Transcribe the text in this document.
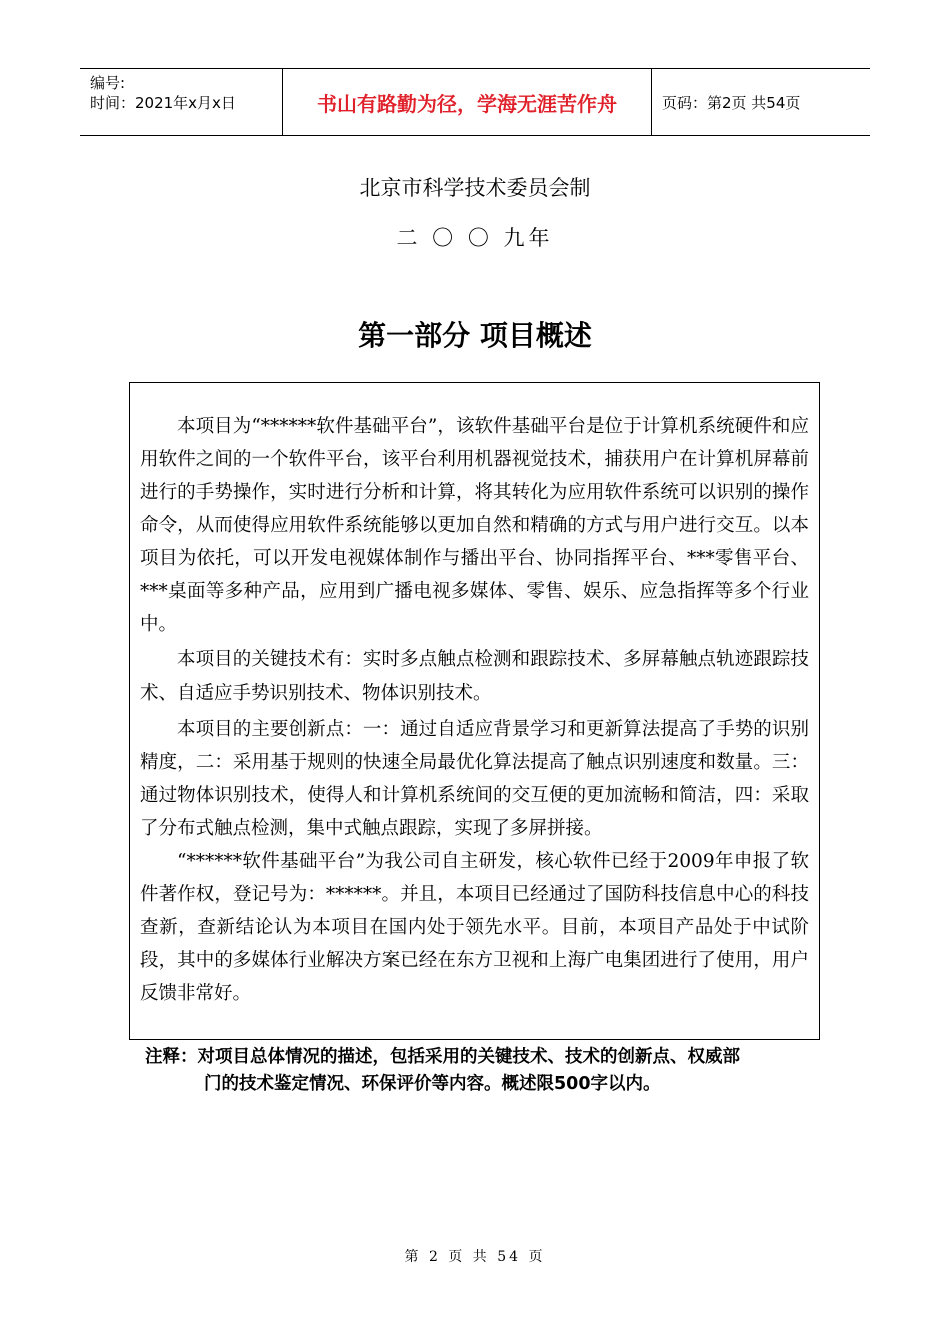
编号:
时间：2021年x月x日	书山有路勤为径，学海无涯苦作舟	页码：第2页 共54页
北京市科学技术委员会制
二 〇 〇 九年
第一部分 项目概述

本项目为“******软件基础平台”，该软件基础平台是位于计算机系统硬件和应用软件之间的一个软件平台，该平台利用机器视觉技术，捕获用户在计算机屏幕前进行的手势操作，实时进行分析和计算，将其转化为应用软件系统可以识别的操作命令，从而使得应用软件系统能够以更加自然和精确的方式与用户进行交互。以本项目为依托，可以开发电视媒体制作与播出平台、协同指挥平台、***零售平台、***桌面等多种产品，应用到广播电视多媒体、零售、娱乐、应急指挥等多个行业中。

本项目的关键技术有：实时多点触点检测和跟踪技术、多屏幕触点轨迹跟踪技术、自适应手势识别技术、物体识别技术。

本项目的主要创新点：一：通过自适应背景学习和更新算法提高了手势的识别精度，二：采用基于规则的快速全局最优化算法提高了触点识别速度和数量。三：通过物体识别技术，使得人和计算机系统间的交互便的更加流畅和简洁，四：采取了分布式触点检测，集中式触点跟踪，实现了多屏拼接。

“******软件基础平台”为我公司自主研发，核心软件已经于2009年申报了软件著作权，登记号为：******。并且，本项目已经通过了国防科技信息中心的科技查新，查新结论认为本项目在国内处于领先水平。目前，本项目产品处于中试阶段，其中的多媒体行业解决方案已经在东方卫视和上海广电集团进行了使用，用户反馈非常好。

注释：对项目总体情况的描述，包括采用的关键技术、技术的创新点、权威部
门的技术鉴定情况、环保评价等内容。概述限500字以内。
第 2 页 共 54 页
